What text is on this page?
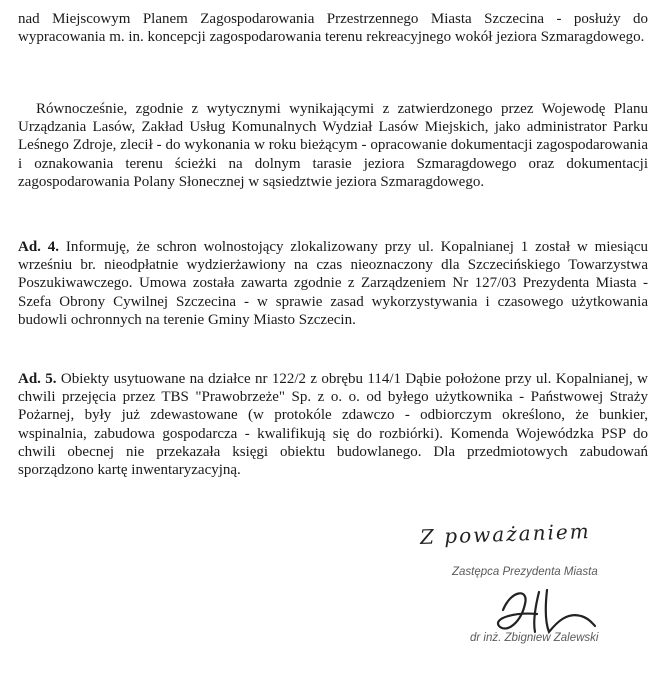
nad Miejscowym Planem Zagospodarowania Przestrzennego Miasta Szczecina - posłuży do wypracowania m. in. koncepcji zagospodarowania terenu rekreacyjnego wokół jeziora Szmaragdowego.

Równocześnie, zgodnie z wytycznymi wynikającymi z zatwierdzonego przez Wojewodę Planu Urządzania Lasów, Zakład Usług Komunalnych Wydział Lasów Miejskich, jako administrator Parku Leśnego Zdroje, zlecił - do wykonania w roku bieżącym - opracowanie dokumentacji zagospodarowania i oznakowania terenu ścieżki na dolnym tarasie jeziora Szmaragdowego oraz dokumentacji zagospodarowania Polany Słonecznej w sąsiedztwie jeziora Szmaragdowego.

Ad. 4. Informuję, że schron wolnostojący zlokalizowany przy ul. Kopalnianej 1 został w miesiącu wrześniu br. nieodpłatnie wydzierżawiony na czas nieoznaczony dla Szczecińskiego Towarzystwa Poszukiwawczego. Umowa została zawarta zgodnie z Zarządzeniem Nr 127/03 Prezydenta Miasta - Szefa Obrony Cywilnej Szczecina - w sprawie zasad wykorzystywania i czasowego użytkowania budowli ochronnych na terenie Gminy Miasto Szczecin.

Ad. 5. Obiekty usytuowane na działce nr 122/2 z obrębu 114/1 Dąbie położone przy ul. Kopalnianej, w chwili przejęcia przez TBS "Prawobrzeże" Sp. z o. o. od byłego użytkownika - Państwowej Straży Pożarnej, były już zdewastowane (w protokóle zdawczo - odbiorczym określono, że bunkier, wspinalnia, zabudowa gospodarcza - kwalifikują się do rozbiórki). Komenda Wojewódzka PSP do chwili obecnej nie przekazała księgi obiektu budowlanego. Dla przedmiotowych zabudowań sporządzono kartę inwentaryzacyjną.

Z poważaniem
Zastępca Prezydenta Miasta
dr inż. Zbigniew Zalewski
